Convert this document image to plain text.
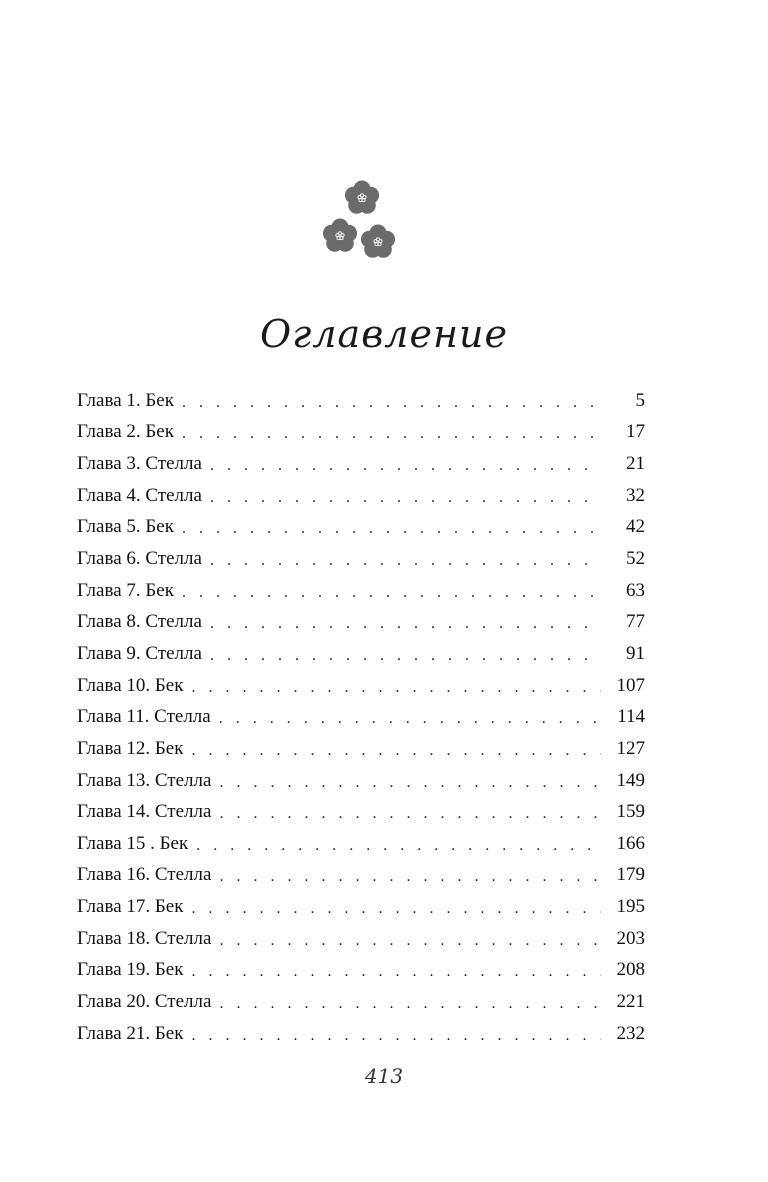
Оглавление
Глава 1. Бек . . .	5
Глава 2. Бек . . .	17
Глава 3. Стелла . . .	21
Глава 4. Стелла . . .	32
Глава 5. Бек . . .	42
Глава 6. Стелла . . .	52
Глава 7. Бек . . .	63
Глава 8. Стелла . . .	77
Глава 9. Стелла . . .	91
Глава 10. Бек . . .	107
Глава 11. Стелла . . .	114
Глава 12. Бек . . .	127
Глава 13. Стелла . . .	149
Глава 14. Стелла . . .	159
Глава 15 . Бек . . .	166
Глава 16. Стелла . . .	179
Глава 17. Бек . . .	195
Глава 18. Стелла . . .	203
Глава 19. Бек . . .	208
Глава 20. Стелла . . .	221
Глава 21. Бек . . .	232
413
